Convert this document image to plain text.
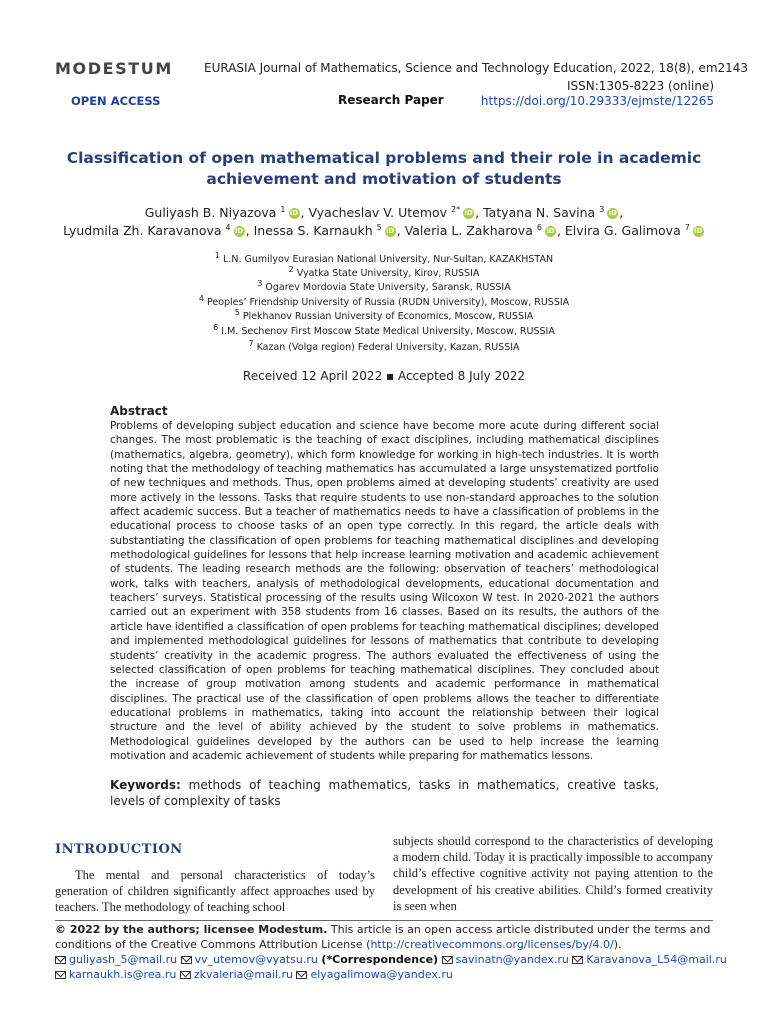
MODESTUM	EURASIA Journal of Mathematics, Science and Technology Education, 2022, 18(8), em2143
ISSN:1305-8223 (online)
OPEN ACCESS	Research Paper	https://doi.org/10.29333/ejmste/12265
Classification of open mathematical problems and their role in academic
achievement and motivation of students
Guliyash B. Niyazova $^1$ iD , Vyacheslav V. Utemov $^{2*}$ iD , Tatyana N. Savina $^3$ iD ,
Lyudmila Zh. Karavanova $^4$ iD , Inessa S. Karnaukh $^5$ iD , Valeria L. Zakharova $^6$ iD , Elvira G. Galimova $^7$ iD
$^1$ L.N. Gumilyov Eurasian National University, Nur-Sultan, KAZAKHSTAN
$^2$ Vyatka State University, Kirov, RUSSIA
$^3$ Ogarev Mordovia State University, Saransk, RUSSIA
$^4$ Peoples’ Friendship University of Russia (RUDN University), Moscow, RUSSIA
$^5$ Plekhanov Russian University of Economics, Moscow, RUSSIA
$^6$ I.M. Sechenov First Moscow State Medical University, Moscow, RUSSIA
$^7$ Kazan (Volga region) Federal University, Kazan, RUSSIA
Received 12 April 2022 ▪ Accepted 8 July 2022
Abstract
Problems of developing subject education and science have become more acute during different social changes. The most problematic is the teaching of exact disciplines, including mathematical disciplines (mathematics, algebra, geometry), which form knowledge for working in high-tech industries. It is worth noting that the methodology of teaching mathematics has accumulated a large unsystematized portfolio of new techniques and methods. Thus, open problems aimed at developing students’ creativity are used more actively in the lessons. Tasks that require students to use non-standard approaches to the solution affect academic success. But a teacher of mathematics needs to have a classification of problems in the educational process to choose tasks of an open type correctly. In this regard, the article deals with substantiating the classification of open problems for teaching mathematical disciplines and developing methodological guidelines for lessons that help increase learning motivation and academic achievement of students. The leading research methods are the following: observation of teachers’ methodological work, talks with teachers, analysis of methodological developments, educational documentation and teachers’ surveys. Statistical processing of the results using Wilcoxon W test. In 2020-2021 the authors carried out an experiment with 358 students from 16 classes. Based on its results, the authors of the article have identified a classification of open problems for teaching mathematical disciplines; developed and implemented methodological guidelines for lessons of mathematics that contribute to developing students’ creativity in the academic progress. The authors evaluated the effectiveness of using the selected classification of open problems for teaching mathematical disciplines. They concluded about the increase of group motivation among students and academic performance in mathematical disciplines. The practical use of the classification of open problems allows the teacher to differentiate educational problems in mathematics, taking into account the relationship between their logical structure and the level of ability achieved by the student to solve problems in mathematics. Methodological guidelines developed by the authors can be used to help increase the learning motivation and academic achievement of students while preparing for mathematics lessons.
Keywords: methods of teaching mathematics, tasks in mathematics, creative tasks, levels of complexity of tasks
INTRODUCTION
The mental and personal characteristics of today’s generation of children significantly affect approaches used by teachers. The methodology of teaching school
subjects should correspond to the characteristics of developing a modern child. Today it is practically impossible to accompany child’s effective cognitive activity not paying attention to the development of his creative abilities. Child’s formed creativity is seen when
© 2022 by the authors; licensee Modestum. This article is an open access article distributed under the terms and conditions of the Creative Commons Attribution License (http://creativecommons.org/licenses/by/4.0/).
guliyash_5@mail.ru vv_utemov@vyatsu.ru (*Correspondence) savinatn@yandex.ru Karavanova_L54@mail.ru
karnaukh.is@rea.ru zkvaleria@mail.ru elyagalimowa@yandex.ru
